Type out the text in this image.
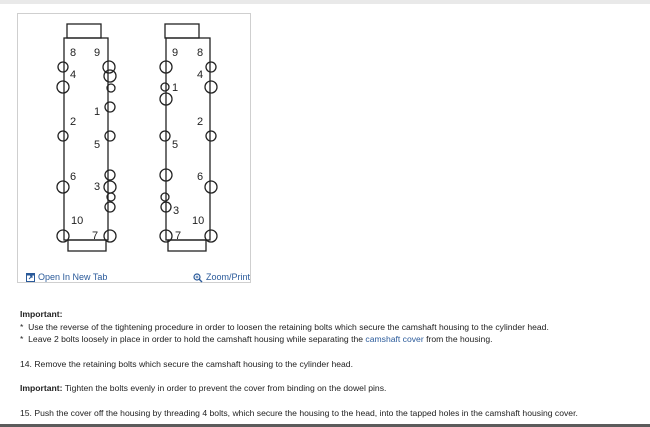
8 9
4
1
2
5
6
3
10
7
9 8
4
1
2
5
6
3
10
7
Open In New Tab	Zoom/Print

Important:

* Use the reverse of the tightening procedure in order to loosen the retaining bolts which secure the camshaft housing to the cylinder head.

* Leave 2 bolts loosely in place in order to hold the camshaft housing while separating the camshaft cover from the housing.

14. Remove the retaining bolts which secure the camshaft housing to the cylinder head.

Important: Tighten the bolts evenly in order to prevent the cover from binding on the dowel pins.

15. Push the cover off the housing by threading 4 bolts, which secure the housing to the head, into the tapped holes in the camshaft housing cover.
